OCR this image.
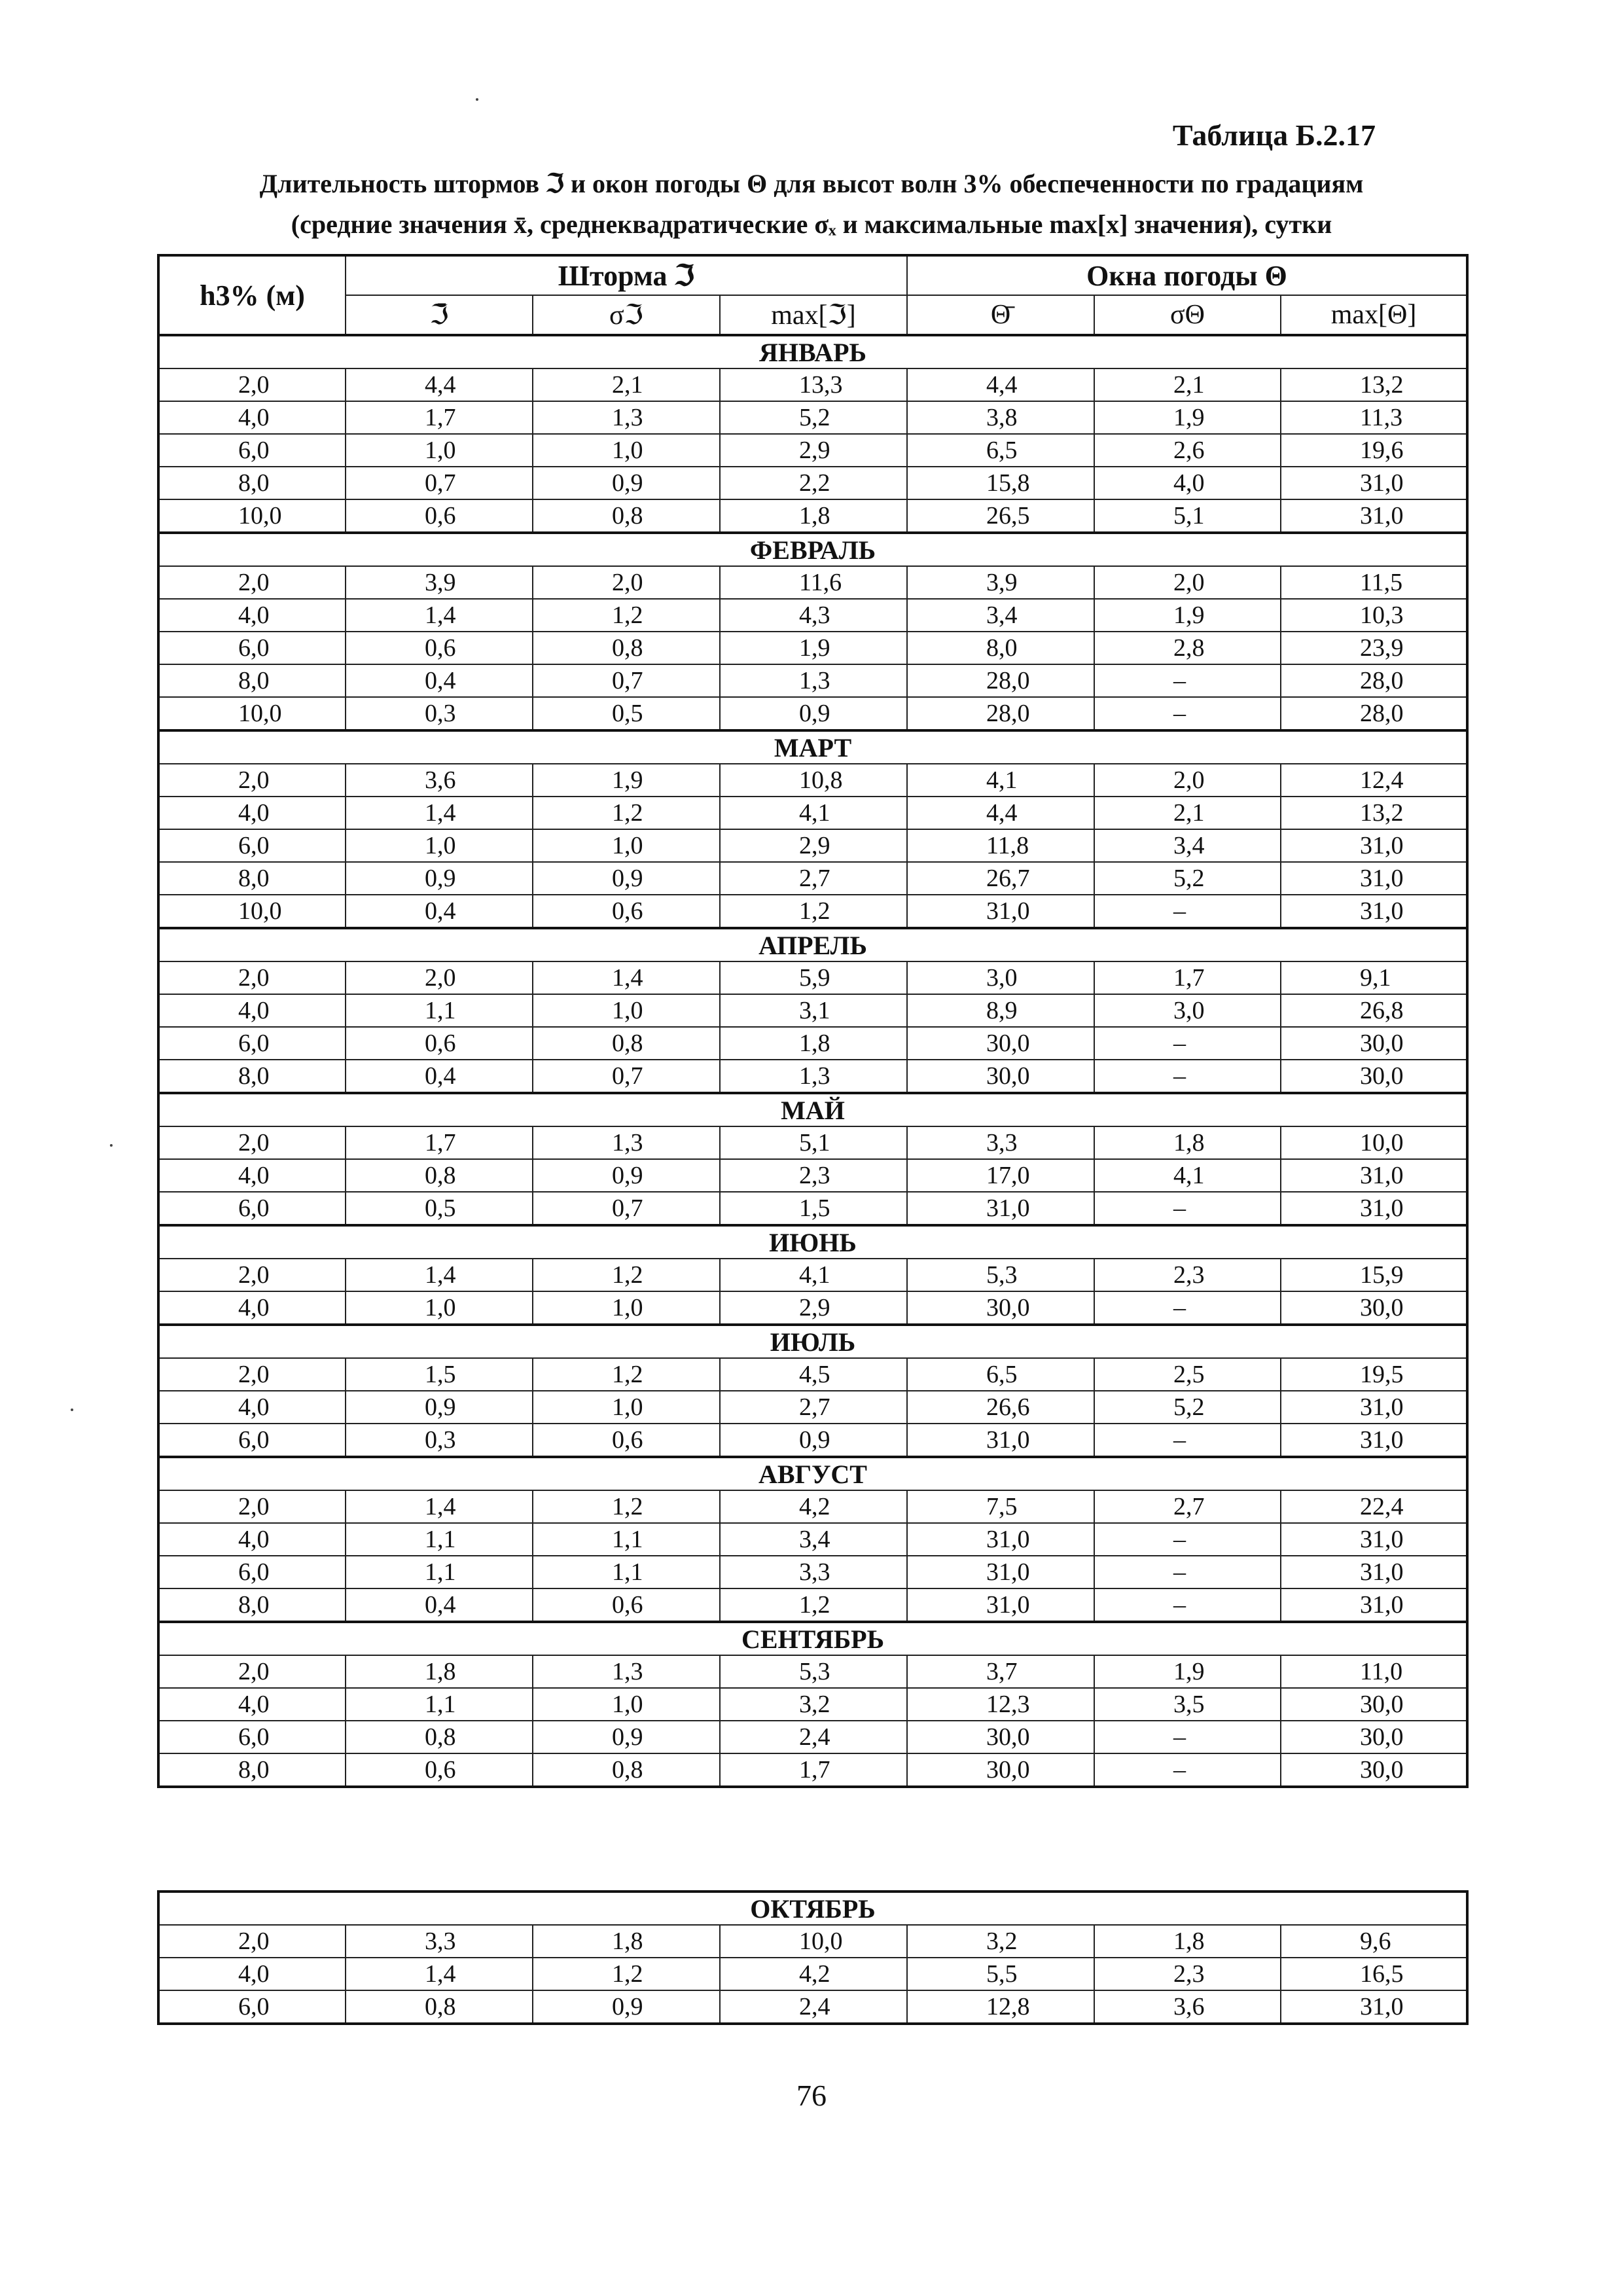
Таблица Б.2.17
Длительность штормов ℑ и окон погоды Θ для высот волн 3% обеспеченности по градациям
(средние значения x̄, среднеквадратические σₓ и максимальные max[x] значения), сутки
h3% (м)	Шторма ℑ			Окна погоды Θ		
	ℑ̄	σℑ	max[ℑ]	Θ̄	σΘ	max[Θ]
ЯНВАРЬ						
2,0	4,4	2,1	13,3	4,4	2,1	13,2
4,0	1,7	1,3	5,2	3,8	1,9	11,3
6,0	1,0	1,0	2,9	6,5	2,6	19,6
8,0	0,7	0,9	2,2	15,8	4,0	31,0
10,0	0,6	0,8	1,8	26,5	5,1	31,0
ФЕВРАЛЬ						
2,0	3,9	2,0	11,6	3,9	2,0	11,5
4,0	1,4	1,2	4,3	3,4	1,9	10,3
6,0	0,6	0,8	1,9	8,0	2,8	23,9
8,0	0,4	0,7	1,3	28,0	–	28,0
10,0	0,3	0,5	0,9	28,0	–	28,0
МАРТ						
2,0	3,6	1,9	10,8	4,1	2,0	12,4
4,0	1,4	1,2	4,1	4,4	2,1	13,2
6,0	1,0	1,0	2,9	11,8	3,4	31,0
8,0	0,9	0,9	2,7	26,7	5,2	31,0
10,0	0,4	0,6	1,2	31,0	–	31,0
АПРЕЛЬ						
2,0	2,0	1,4	5,9	3,0	1,7	9,1
4,0	1,1	1,0	3,1	8,9	3,0	26,8
6,0	0,6	0,8	1,8	30,0	–	30,0
8,0	0,4	0,7	1,3	30,0	–	30,0
МАЙ						
2,0	1,7	1,3	5,1	3,3	1,8	10,0
4,0	0,8	0,9	2,3	17,0	4,1	31,0
6,0	0,5	0,7	1,5	31,0	–	31,0
ИЮНЬ						
2,0	1,4	1,2	4,1	5,3	2,3	15,9
4,0	1,0	1,0	2,9	30,0	–	30,0
ИЮЛЬ						
2,0	1,5	1,2	4,5	6,5	2,5	19,5
4,0	0,9	1,0	2,7	26,6	5,2	31,0
6,0	0,3	0,6	0,9	31,0	–	31,0
АВГУСТ						
2,0	1,4	1,2	4,2	7,5	2,7	22,4
4,0	1,1	1,1	3,4	31,0	–	31,0
6,0	1,1	1,1	3,3	31,0	–	31,0
8,0	0,4	0,6	1,2	31,0	–	31,0
СЕНТЯБРЬ						
2,0	1,8	1,3	5,3	3,7	1,9	11,0
4,0	1,1	1,0	3,2	12,3	3,5	30,0
6,0	0,8	0,9	2,4	30,0	–	30,0
8,0	0,6	0,8	1,7	30,0	–	30,0
ОКТЯБРЬ						
2,0	3,3	1,8	10,0	3,2	1,8	9,6
4,0	1,4	1,2	4,2	5,5	2,3	16,5
6,0	0,8	0,9	2,4	12,8	3,6	31,0
76
